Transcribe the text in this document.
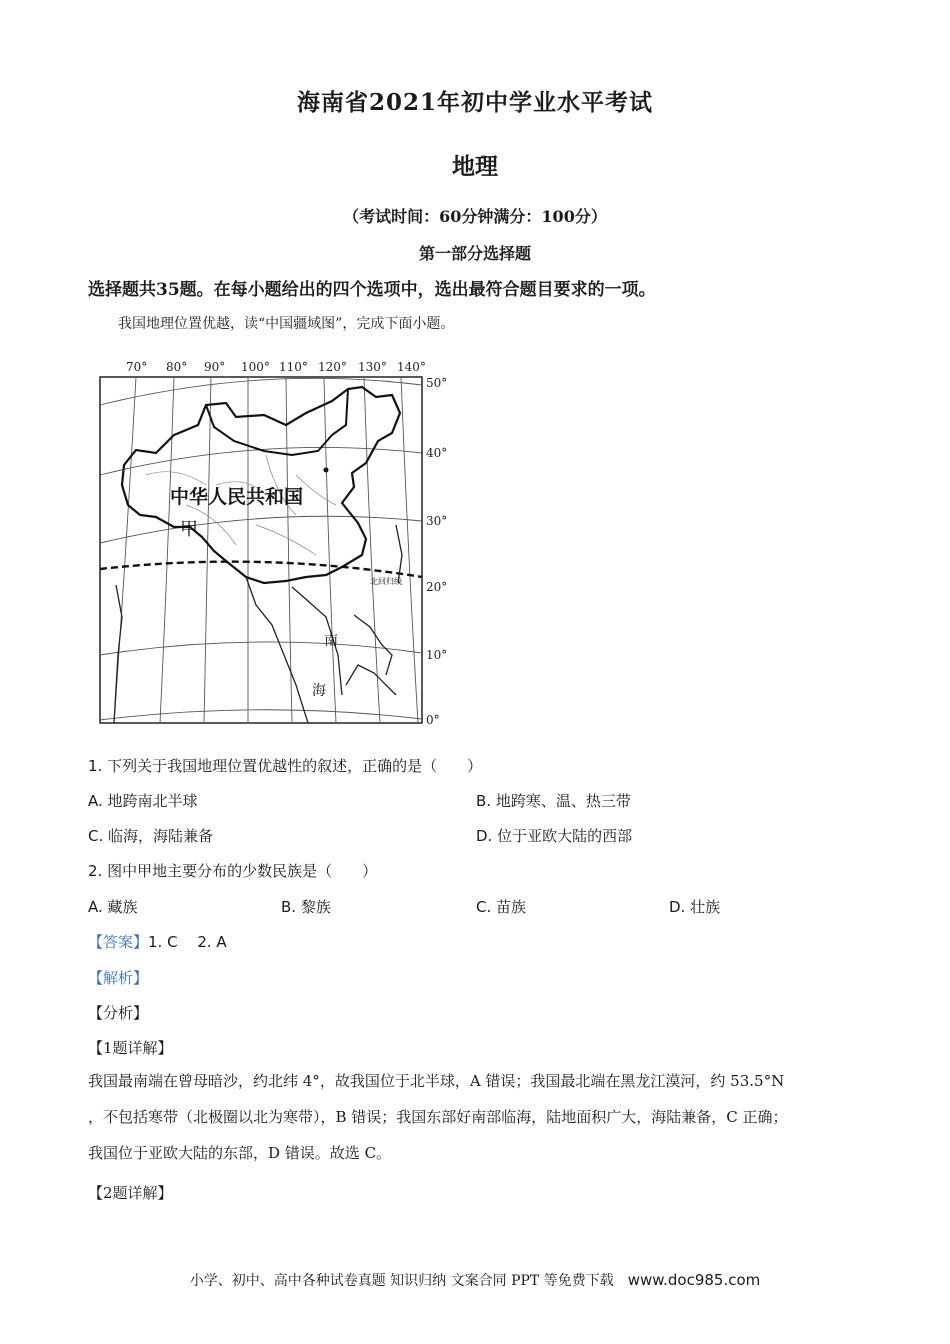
海南省2021年初中学业水平考试
地理
（考试时间：60分钟满分：100分）
第一部分选择题
选择题共35题。在每小题给出的四个选项中，选出最符合题目要求的一项。
我国地理位置优越，读“中国疆域图”，完成下面小题。
70° 80° 90° 100° 110° 120° 130° 140°
50°
40°
30°
20°
10°
0°
中华人民共和国
甲
北回归线
南
海
1. 下列关于我国地理位置优越性的叙述，正确的是（　　）
A. 地跨南北半球	B. 地跨寒、温、热三带
C. 临海，海陆兼备	D. 位于亚欧大陆的西部
2. 图中甲地主要分布的少数民族是（　　）
A. 藏族	B. 黎族	C. 苗族	D. 壮族
【答案】1. C　 2. A
【解析】
【分析】
【1题详解】
我国最南端在曾母暗沙，约北纬 4°，故我国位于北半球，A 错误；我国最北端在黑龙江漠河，约 53.5°N
，不包括寒带（北极圈以北为寒带），B 错误；我国东部好南部临海，陆地面积广大，海陆兼备，C 正确；
我国位于亚欧大陆的东部，D 错误。故选 C。
【2题详解】
小学、初中、高中各种试卷真题 知识归纳 文案合同 PPT 等免费下载 www.doc985.com
